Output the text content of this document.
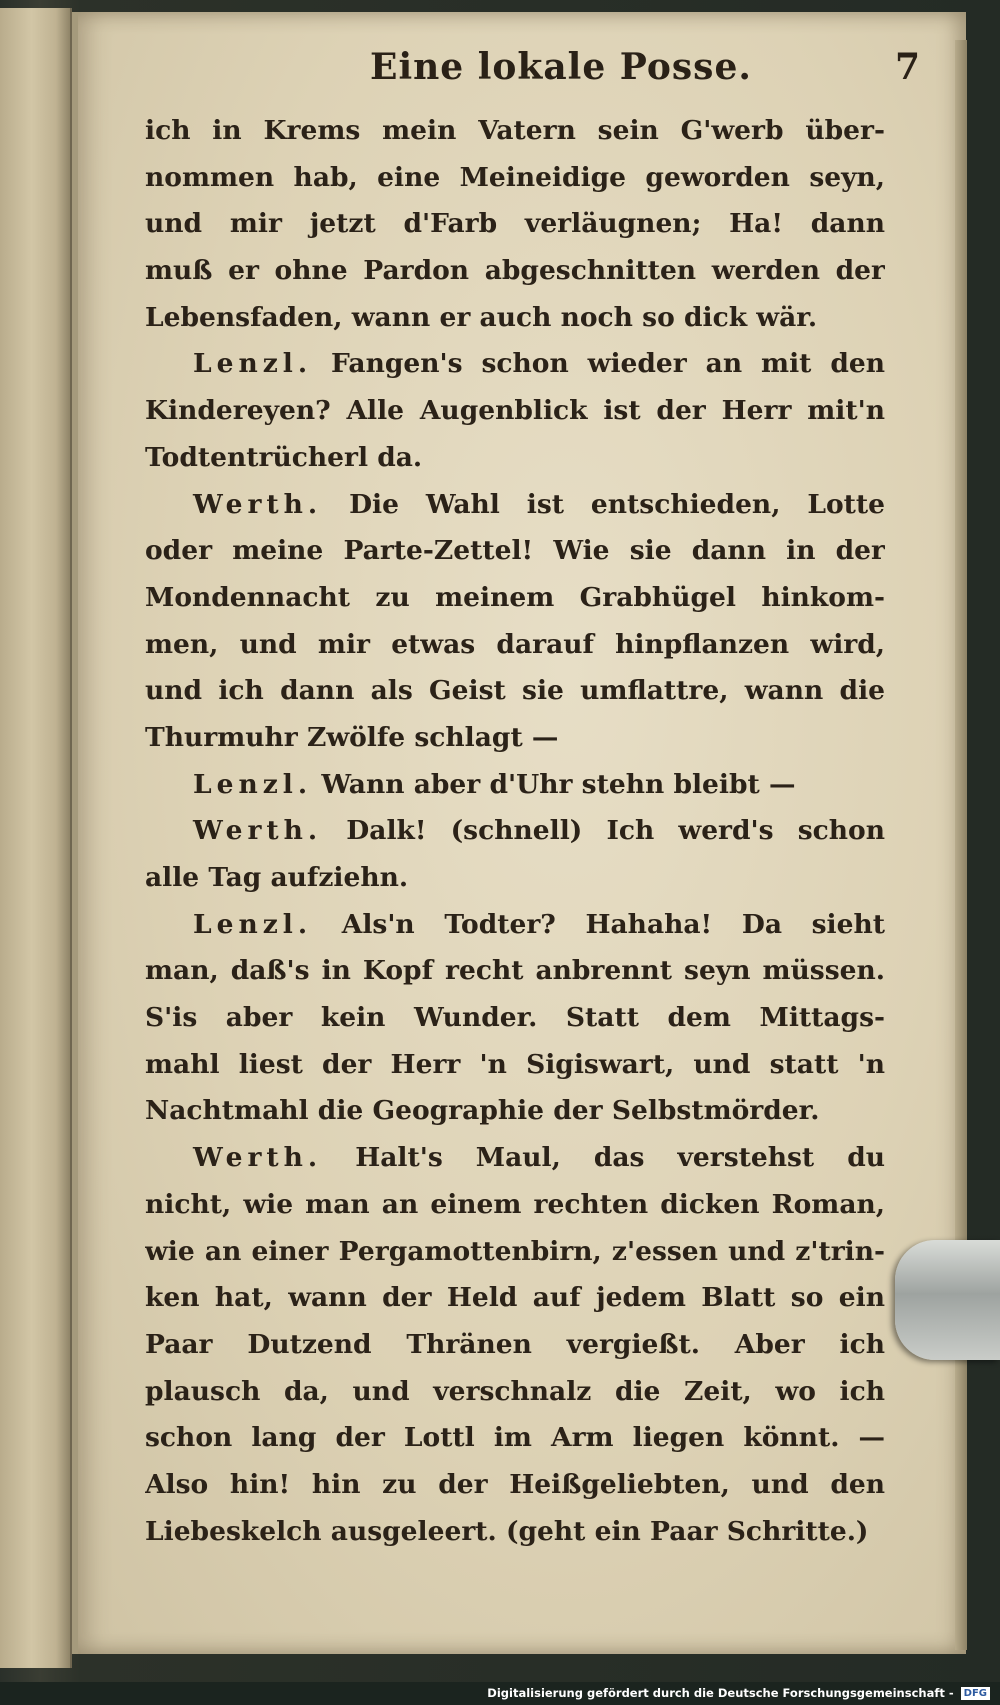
Eine lokale Posse.	7
ich in Krems mein Vatern sein G'werb über-
nommen hab, eine Meineidige geworden seyn,
und mir jetzt d'Farb verläugnen; Ha! dann
muß er ohne Pardon abgeschnitten werden der
Lebensfaden, wann er auch noch so dick wär.
Lenzl. Fangen's schon wieder an mit den
Kindereyen? Alle Augenblick ist der Herr mit'n
Todtentrücherl da.
Werth. Die Wahl ist entschieden, Lotte
oder meine Parte-Zettel! Wie sie dann in der
Mondennacht zu meinem Grabhügel hinkom-
men, und mir etwas darauf hinpflanzen wird,
und ich dann als Geist sie umflattre, wann die
Thurmuhr Zwölfe schlagt —
Lenzl. Wann aber d'Uhr stehn bleibt —
Werth. Dalk! (schnell) Ich werd's schon
alle Tag aufziehn.
Lenzl. Als'n Todter? Hahaha! Da sieht
man, daß's in Kopf recht anbrennt seyn müssen.
S'is aber kein Wunder. Statt dem Mittags-
mahl liest der Herr 'n Sigiswart, und statt 'n
Nachtmahl die Geographie der Selbstmörder.
Werth. Halt's Maul, das verstehst du
nicht, wie man an einem rechten dicken Roman,
wie an einer Pergamottenbirn, z'essen und z'trin-
ken hat, wann der Held auf jedem Blatt so ein
Paar Dutzend Thränen vergießt. Aber ich
plausch da, und verschnalz die Zeit, wo ich
schon lang der Lottl im Arm liegen könnt. —
Also hin! hin zu der Heißgeliebten, und den
Liebeskelch ausgeleert. (geht ein Paar Schritte.)
Digitalisierung gefördert durch die Deutsche Forschungsgemeinschaft - DFG
